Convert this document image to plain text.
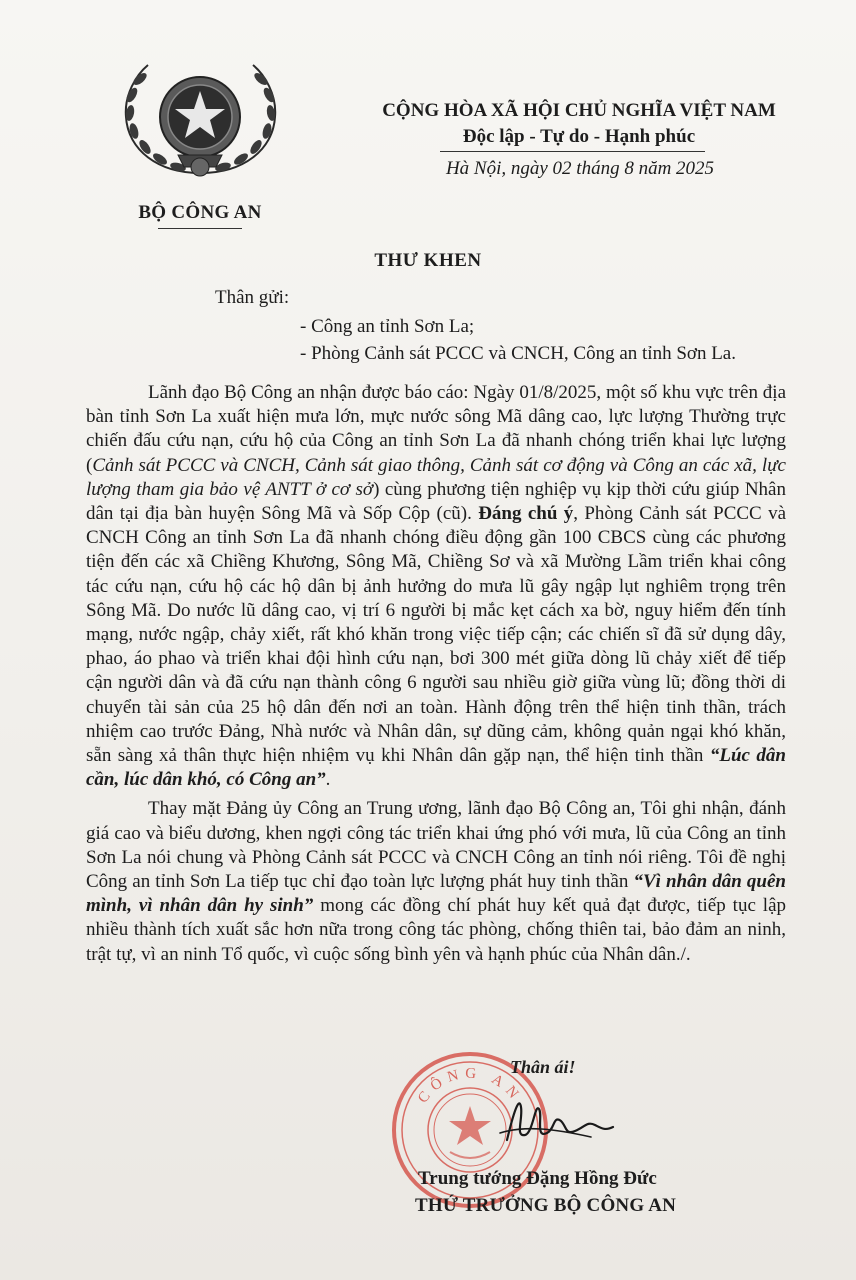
BỘ CÔNG AN
CỘNG HÒA XÃ HỘI CHỦ NGHĨA VIỆT NAM
Độc lập - Tự do - Hạnh phúc
Hà Nội, ngày 02 tháng 8 năm 2025
THƯ KHEN
Thân gửi:
- Công an tỉnh Sơn La;
- Phòng Cảnh sát PCCC và CNCH, Công an tỉnh Sơn La.

Lãnh đạo Bộ Công an nhận được báo cáo: Ngày 01/8/2025, một số khu vực trên địa bàn tỉnh Sơn La xuất hiện mưa lớn, mực nước sông Mã dâng cao, lực lượng Thường trực chiến đấu cứu nạn, cứu hộ của Công an tỉnh Sơn La đã nhanh chóng triển khai lực lượng (Cảnh sát PCCC và CNCH, Cảnh sát giao thông, Cảnh sát cơ động và Công an các xã, lực lượng tham gia bảo vệ ANTT ở cơ sở) cùng phương tiện nghiệp vụ kịp thời cứu giúp Nhân dân tại địa bàn huyện Sông Mã và Sốp Cộp (cũ). Đáng chú ý, Phòng Cảnh sát PCCC và CNCH Công an tỉnh Sơn La đã nhanh chóng điều động gần 100 CBCS cùng các phương tiện đến các xã Chiềng Khương, Sông Mã, Chiềng Sơ và xã Mường Lầm triển khai công tác cứu nạn, cứu hộ các hộ dân bị ảnh hưởng do mưa lũ gây ngập lụt nghiêm trọng trên Sông Mã. Do nước lũ dâng cao, vị trí 6 người bị mắc kẹt cách xa bờ, nguy hiểm đến tính mạng, nước ngập, chảy xiết, rất khó khăn trong việc tiếp cận; các chiến sĩ đã sử dụng dây, phao, áo phao và triển khai đội hình cứu nạn, bơi 300 mét giữa dòng lũ chảy xiết để tiếp cận người dân và đã cứu nạn thành công 6 người sau nhiều giờ giữa vùng lũ; đồng thời di chuyển tài sản của 25 hộ dân đến nơi an toàn. Hành động trên thể hiện tinh thần, trách nhiệm cao trước Đảng, Nhà nước và Nhân dân, sự dũng cảm, không quản ngại khó khăn, sẵn sàng xả thân thực hiện nhiệm vụ khi Nhân dân gặp nạn, thể hiện tinh thần “Lúc dân cần, lúc dân khó, có Công an”.

Thay mặt Đảng ủy Công an Trung ương, lãnh đạo Bộ Công an, Tôi ghi nhận, đánh giá cao và biểu dương, khen ngợi công tác triển khai ứng phó với mưa, lũ của Công an tỉnh Sơn La nói chung và Phòng Cảnh sát PCCC và CNCH Công an tỉnh nói riêng. Tôi đề nghị Công an tỉnh Sơn La tiếp tục chỉ đạo toàn lực lượng phát huy tinh thần “Vì nhân dân quên mình, vì nhân dân hy sinh” mong các đồng chí phát huy kết quả đạt được, tiếp tục lập nhiều thành tích xuất sắc hơn nữa trong công tác phòng, chống thiên tai, bảo đảm an ninh, trật tự, vì an ninh Tổ quốc, vì cuộc sống bình yên và hạnh phúc của Nhân dân./.

CÔNG AN
Thân ái!
Trung tướng Đặng Hồng Đức
THỨ TRƯỞNG BỘ CÔNG AN
